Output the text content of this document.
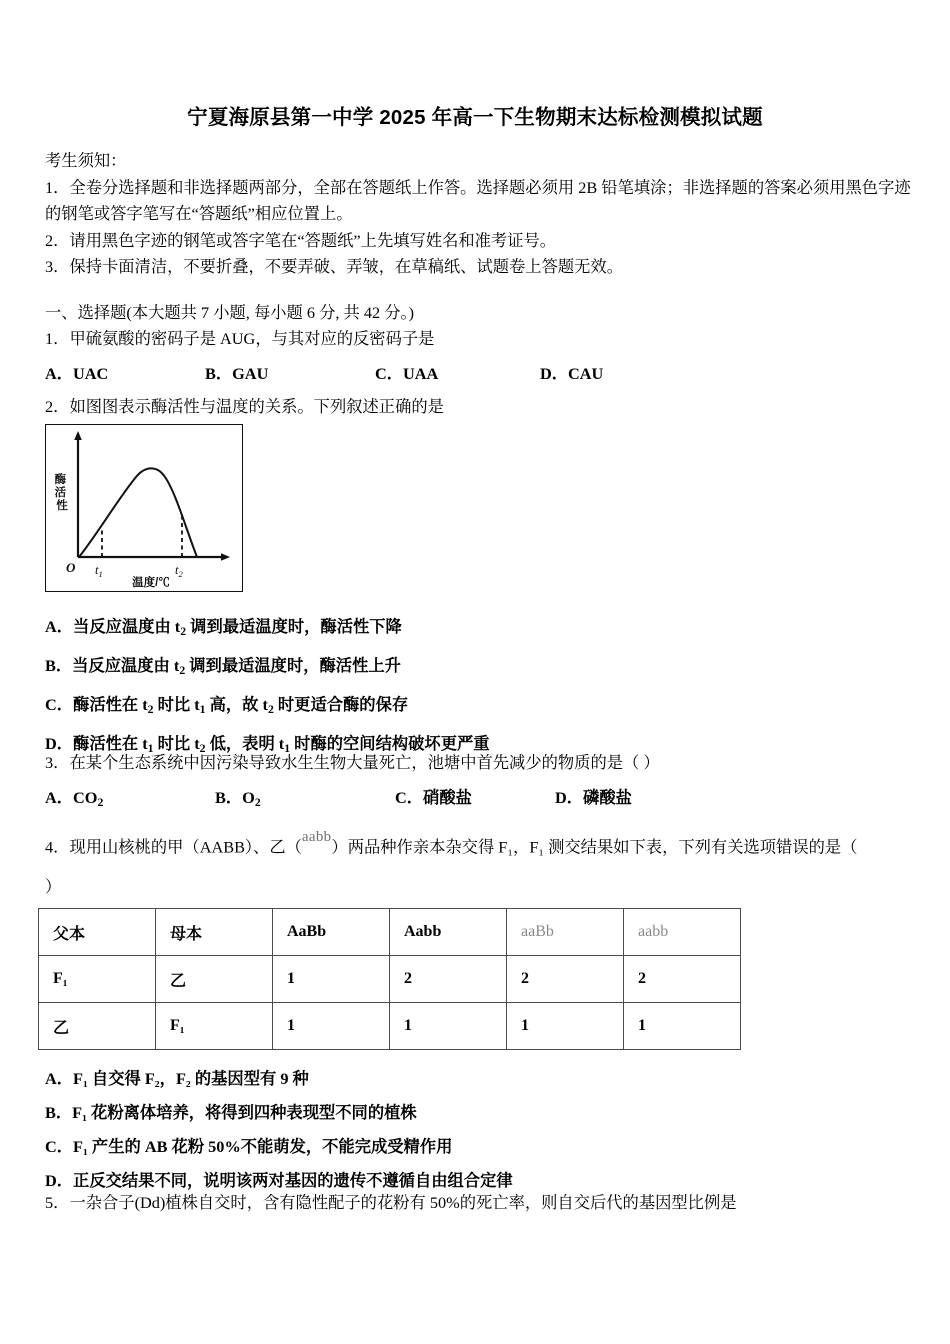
宁夏海原县第一中学 2025 年高一下生物期末达标检测模拟试题
考生须知：
1．全卷分选择题和非选择题两部分，全部在答题纸上作答。选择题必须用 2B 铅笔填涂；非选择题的答案必须用黑色字迹的钢笔或答字笔写在“答题纸”相应位置上。
2．请用黑色字迹的钢笔或答字笔在“答题纸”上先填写姓名和准考证号。
3．保持卡面清洁，不要折叠，不要弄破、弄皱，在草稿纸、试题卷上答题无效。
一、选择题(本大题共 7 小题, 每小题 6 分, 共 42 分。)
1．甲硫氨酸的密码子是 AUG，与其对应的反密码子是
A．UAC	B．GAU	C．UAA	D．CAU
2．如图图表示酶活性与温度的关系。下列叙述正确的是
O $t_1$	$t_2$
温度/℃
酶 活 性
A．当反应温度由 $t_2$ 调到最适温度时，酶活性下降
B．当反应温度由 $t_2$ 调到最适温度时，酶活性上升
C．酶活性在 $t_2$ 时比 $t_1$ 高，故 $t_2$ 时更适合酶的保存
D．酶活性在 $t_1$ 时比 $t_2$ 低，表明 $t_1$ 时酶的空间结构破坏更严重
3．在某个生态系统中因污染导致水生生物大量死亡，池塘中首先减少的物质的是（ ）
A．$CO_2$	B．$O_2$	C．硝酸盐	D．磷酸盐
4．现用山核桃的甲（AABB）、乙（aabb）两品种作亲本杂交得 F₁，F₁ 测交结果如下表，下列有关选项错误的是（
）
父本	母本	AaBb	Aabb	aaBb	aabb
F₁	乙	1	2	2	2
乙	F₁	1	1	1	1
A．F₁ 自交得 F₂，F₂ 的基因型有 9 种
B．F₁ 花粉离体培养，将得到四种表现型不同的植株
C．F₁ 产生的 AB 花粉 50%不能萌发，不能完成受精作用
D．正反交结果不同，说明该两对基因的遗传不遵循自由组合定律
5．一杂合子(Dd)植株自交时，含有隐性配子的花粉有 50%的死亡率，则自交后代的基因型比例是
